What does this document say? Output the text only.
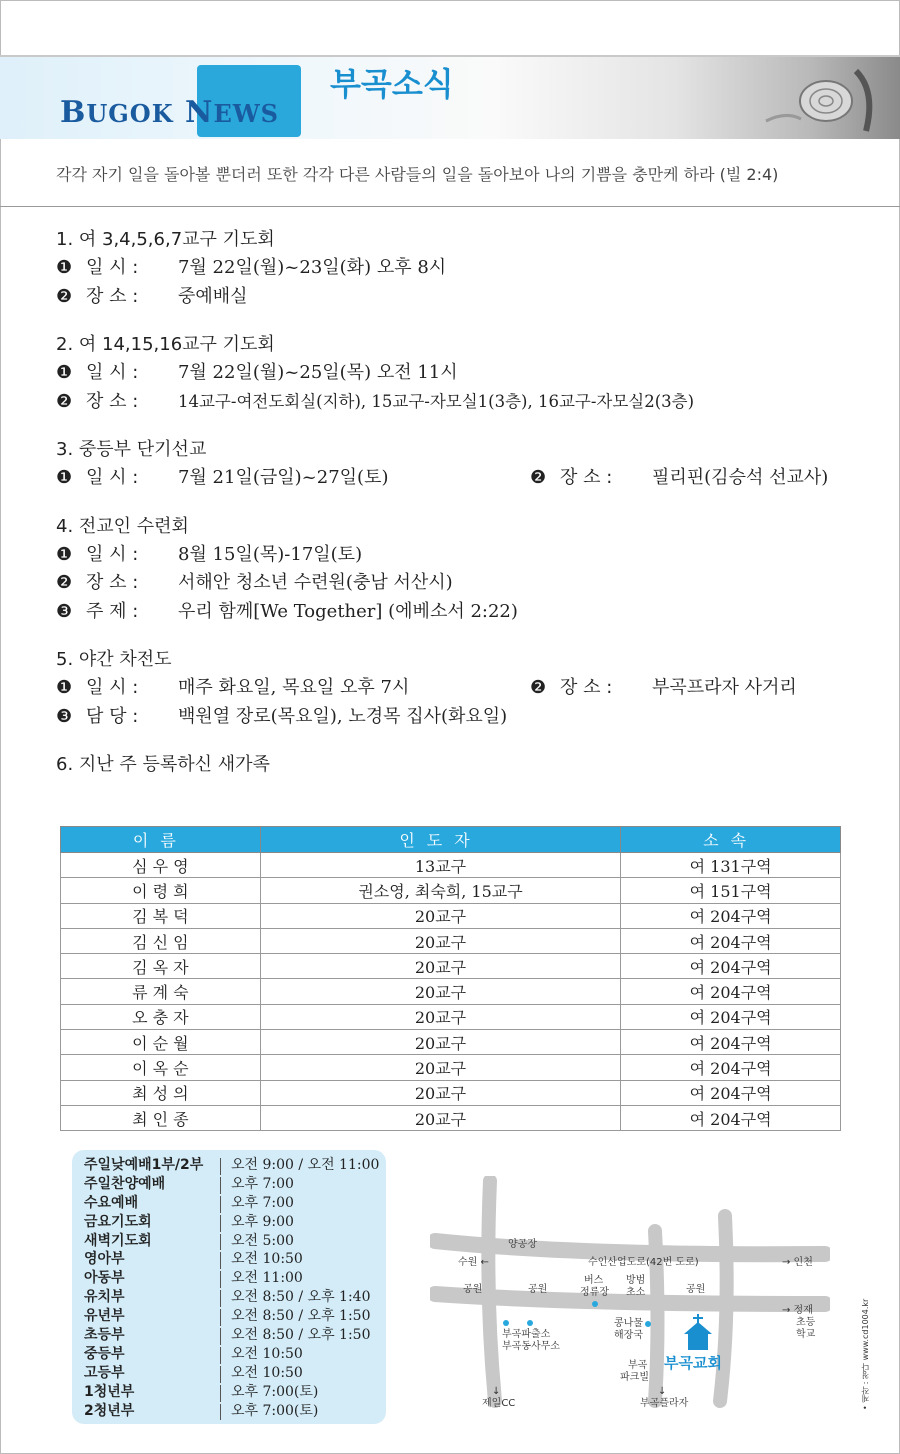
BUGOK NEWS
부곡소식
각각 자기 일을 돌아볼 뿐더러 또한 각각 다른 사람들의 일을 돌아보아 나의 기쁨을 충만케 하라 (빌 2:4)
1. 여 3,4,5,6,7교구 기도회
❶ 일 시 :	7월 22일(월)~23일(화) 오후 8시
❷ 장 소 :	중예배실
2. 여 14,15,16교구 기도회
❶ 일 시 :	7월 22일(월)~25일(목) 오전 11시
❷ 장 소 :	14교구-여전도회실(지하), 15교구-자모실1(3층), 16교구-자모실2(3층)
3. 중등부 단기선교
❶ 일 시 :	7월 21일(금일)~27일(토)	❷ 장 소 :	필리핀(김승석 선교사)
4. 전교인 수련회
❶ 일 시 :	8월 15일(목)-17일(토)
❷ 장 소 :	서해안 청소년 수련원(충남 서산시)
❸ 주 제 :	우리 함께[We Together] (에베소서 2:22)
5. 야간 차전도
❶ 일 시 :	매주 화요일, 목요일 오후 7시	❷ 장 소 :	부곡프라자 사거리
❸ 담 당 :	백원열 장로(목요일), 노경목 집사(화요일)
6. 지난 주 등록하신 새가족
이름	인도자	소속
심 우 영	13교구	여 131구역
이 령 희	권소영, 최숙희, 15교구	여 151구역
김 복 덕	20교구	여 204구역
김 신 임	20교구	여 204구역
김 옥 자	20교구	여 204구역
류 계 숙	20교구	여 204구역
오 충 자	20교구	여 204구역
이 순 월	20교구	여 204구역
이 옥 순	20교구	여 204구역
최 성 의	20교구	여 204구역
최 인 종	20교구	여 204구역
주일낮예배1부/2부	오전 9:00 / 오전 11:00
주일찬양예배	오후 7:00
수요예배	오후 7:00
금요기도회	오후 9:00
새벽기도회	오전 5:00
영아부	오전 10:50
아동부	오전 11:00
유치부	오전 8:50 / 오후 1:40
유년부	오전 8:50 / 오후 1:50
초등부	오전 8:50 / 오후 1:50
중등부	오전 10:50
고등부	오전 10:50
1청년부	오후 7:00(토)
2청년부	오후 7:00(토)
양공장
수원 ←	수인산업도로(42번 도로)	→ 인천
공원	공원
버스
정류장
방범
초소	공원
→ 정재
초등
학교
부곡파출소
부곡동사무소
콩나물
해장국
부곡
파크빌
제일CC	부곡플라자
부곡교회
↓	↓	• 제작 : 청다 www.cd1004.kr
